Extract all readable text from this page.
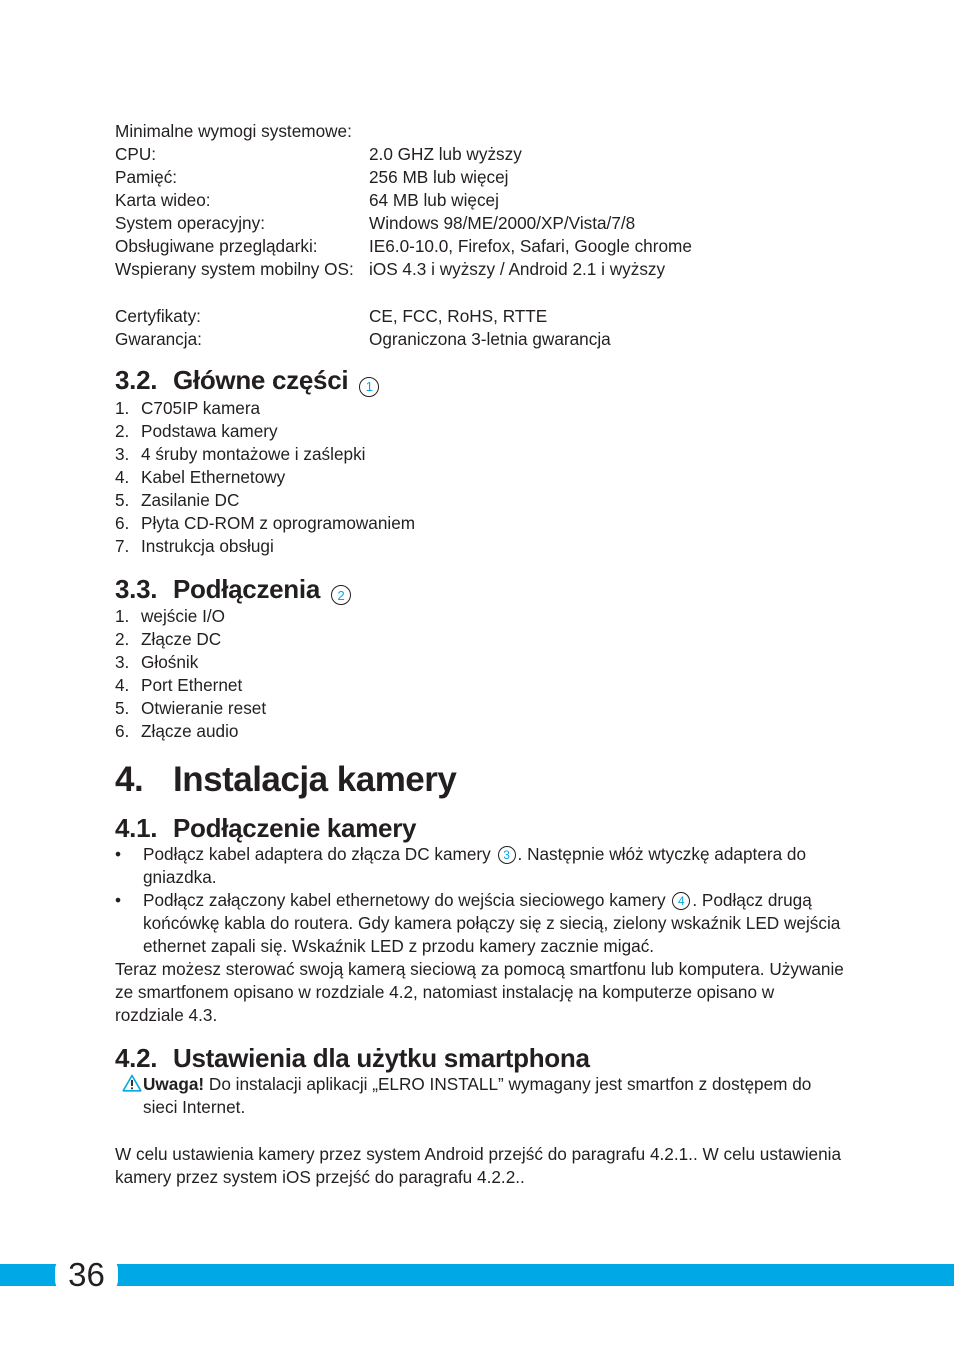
Minimalne wymogi systemowe:
CPU:	2.0 GHZ lub wyższy
Pamięć:	256 MB lub więcej
Karta wideo:	64 MB lub więcej
System operacyjny:	Windows 98/ME/2000/XP/Vista/7/8
Obsługiwane przeglądarki:	IE6.0-10.0, Firefox, Safari, Google chrome
Wspierany system mobilny OS: iOS 4.3 i wyższy / Android 2.1 i wyższy
Certyfikaty:	CE, FCC, RoHS, RTTE
Gwarancja:	Ograniczona 3-letnia gwarancja
3.2. Główne części 1
1. C705IP kamera
2. Podstawa kamery
3. 4 śruby montażowe i zaślepki
4. Kabel Ethernetowy
5. Zasilanie DC
6. Płyta CD-ROM z oprogramowaniem
7. Instrukcja obsługi
3.3. Podłączenia 2
1. wejście I/O
2. Złącze DC
3. Głośnik
4. Port Ethernet
5. Otwieranie reset
6. Złącze audio
4. Instalacja kamery
4.1. Podłączenie kamery
•	Podłącz kabel adaptera do złącza DC kamery 3 . Następnie włóż wtyczkę adaptera do gniazdka.
•	Podłącz załączony kabel ethernetowy do wejścia sieciowego kamery 4 . Podłącz drugą końcówkę kabla do routera. Gdy kamera połączy się z siecią, zielony wskaźnik LED wejścia ethernet zapali się. Wskaźnik LED z przodu kamery zacznie migać.

Teraz możesz sterować swoją kamerą sieciową za pomocą smartfonu lub komputera. Używanie ze smartfonem opisano w rozdziale 4.2, natomiast instalację na komputerze opisano w rozdziale 4.3.

4.2. Ustawienia dla użytku smartphona
Uwaga! Do instalacji aplikacji „ELRO INSTALL” wymagany jest smartfon z dostępem do sieci Internet.

W celu ustawienia kamery przez system Android przejść do paragrafu 4.2.1.. W celu ustawienia kamery przez system iOS przejść do paragrafu 4.2.2..

36
